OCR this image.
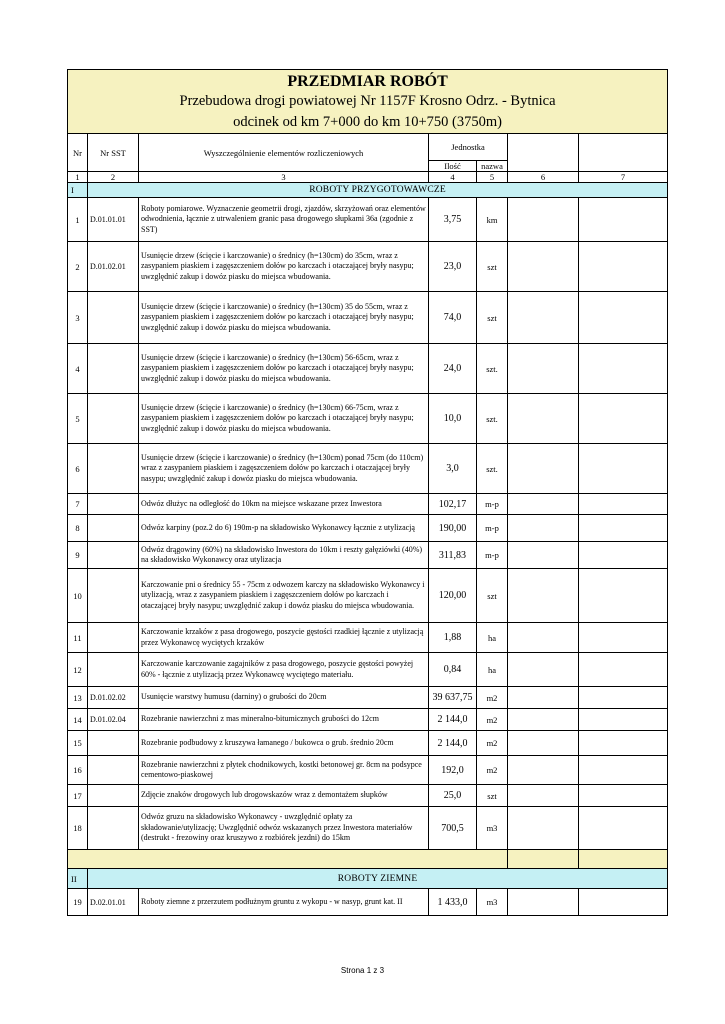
PRZEDMIAR ROBÓT
Przebudowa drogi powiatowej Nr 1157F Krosno Odrz. - Bytnica
odcinek od km 7+000 do km 10+750 (3750m)						

Nr	Nr SST	Wyszczególnienie elementów rozliczeniowych	Jednostka			
			Ilość	nazwa		
1	2	3	4	5	6	7
I	ROBOTY PRZYGOTOWAWCZE					
1	D.01.01.01	Roboty pomiarowe. Wyznaczenie geometrii drogi, zjazdów, skrzyżowań oraz elementów odwodnienia, łącznie z utrwaleniem granic pasa drogowego słupkami 36a (zgodnie z SST)	3,75	km		
2	D.01.02.01	Usunięcie drzew (ścięcie i karczowanie) o średnicy (h=130cm) do 35cm, wraz z zasypaniem piaskiem i zagęszczeniem dołów po karczach i otaczającej bryły nasypu; uwzględnić zakup i dowóz piasku do miejsca wbudowania.	23,0	szt		
3		Usunięcie drzew (ścięcie i karczowanie) o średnicy (h=130cm) 35 do 55cm, wraz z zasypaniem piaskiem i zagęszczeniem dołów po karczach i otaczającej bryły nasypu; uwzględnić zakup i dowóz piasku do miejsca wbudowania.	74,0	szt		
4		Usunięcie drzew (ścięcie i karczowanie) o średnicy (h=130cm) 56-65cm, wraz z zasypaniem piaskiem i zagęszczeniem dołów po karczach i otaczającej bryły nasypu; uwzględnić zakup i dowóz piasku do miejsca wbudowania.	24,0	szt.		
5		Usunięcie drzew (ścięcie i karczowanie) o średnicy (h=130cm) 66-75cm, wraz z zasypaniem piaskiem i zagęszczeniem dołów po karczach i otaczającej bryły nasypu; uwzględnić zakup i dowóz piasku do miejsca wbudowania.	10,0	szt.		
6		Usunięcie drzew (ścięcie i karczowanie) o średnicy (h=130cm) ponad 75cm (do 110cm) wraz z zasypaniem piaskiem i zagęszczeniem dołów po karczach i otaczającej bryły nasypu; uwzględnić zakup i dowóz piasku do miejsca wbudowania.	3,0	szt.		
7		Odwóz dłużyc na odległość do 10km na miejsce wskazane przez Inwestora	102,17	m-p		
8		Odwóz karpiny (poz.2 do 6) 190m-p na składowisko Wykonawcy łącznie z utylizacją	190,00	m-p		
9		Odwóz drągowiny (60%) na składowisko Inwestora do 10km i reszty gałęziówki (40%) na składowisko Wykonawcy oraz utylizacja	311,83	m-p		
10		Karczowanie pni o średnicy 55 - 75cm z odwozem karczy na składowisko Wykonawcy i utylizacją, wraz z zasypaniem piaskiem i zagęszczeniem dołów po karczach i otaczającej bryły nasypu; uwzględnić zakup i dowóz piasku do miejsca wbudowania.	120,00	szt		
11		Karczowanie krzaków z pasa drogowego, poszycie gęstości rzadkiej łącznie z utylizacją przez Wykonawcę wyciętych krzaków	1,88	ha		
12		Karczowanie karczowanie zagajników z pasa drogowego, poszycie gęstości powyżej 60% - łącznie z utylizacją przez Wykonawcę wyciętego materiału.	0,84	ha		
13	D.01.02.02	Usunięcie warstwy humusu (darniny) o grubości do 20cm	39 637,75	m2		
14	D.01.02.04	Rozebranie nawierzchni z mas mineralno-bitumicznych grubości do 12cm	2 144,0	m2		
15		Rozebranie podbudowy z kruszywa łamanego / bukowca o grub. średnio 20cm	2 144,0	m2		
16		Rozebranie nawierzchni z płytek chodnikowych, kostki betonowej gr. 8cm na podsypce cementowo-piaskowej	192,0	m2		
17		Zdjęcie znaków drogowych lub drogowskazów wraz z demontażem słupków	25,0	szt		
18		Odwóz gruzu na składowisko Wykonawcy - uwzględnić opłaty za składowanie/utylizację; Uwzględnić odwóz wskazanych przez Inwestora materiałów (destrukt - frezowiny oraz kruszywo z rozbiórek jezdni) do 15km	700,5	m3		

II	ROBOTY ZIEMNE					
19	D.02.01.01	Roboty ziemne z przerzutem podłużnym gruntu z wykopu - w nasyp, grunt kat. II	1 433,0	m3		
Strona 1 z 3
